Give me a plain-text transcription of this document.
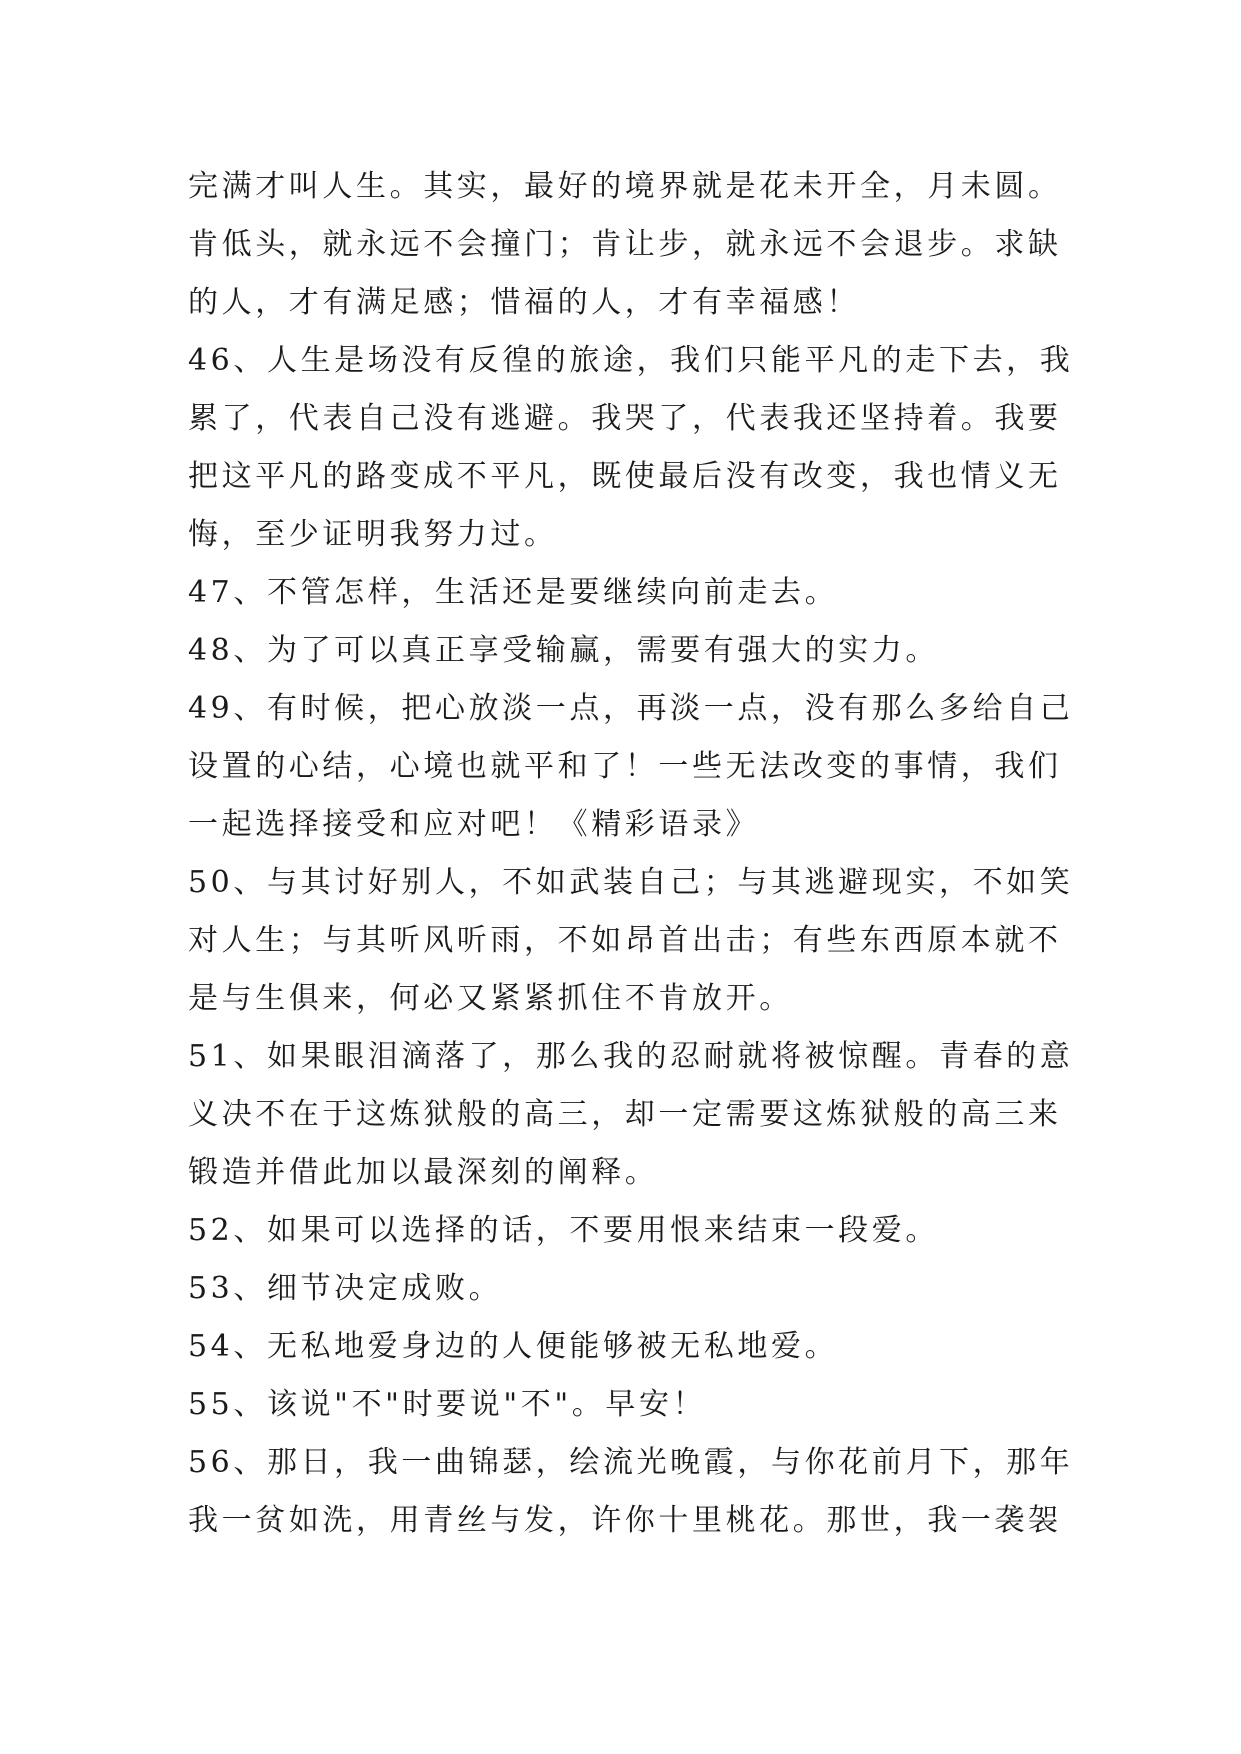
完满才叫人生。其实，最好的境界就是花未开全，月未圆。
肯低头，就永远不会撞门；肯让步，就永远不会退步。求缺
的人，才有满足感；惜福的人，才有幸福感！
46、人生是场没有反徨的旅途，我们只能平凡的走下去，我
累了，代表自己没有逃避。我哭了，代表我还坚持着。我要
把这平凡的路变成不平凡，既使最后没有改变，我也情义无
悔，至少证明我努力过。
47、不管怎样，生活还是要继续向前走去。
48、为了可以真正享受输赢，需要有强大的实力。
49、有时候，把心放淡一点，再淡一点，没有那么多给自己
设置的心结，心境也就平和了！一些无法改变的事情，我们
一起选择接受和应对吧！《精彩语录》
50、与其讨好别人，不如武装自己；与其逃避现实，不如笑
对人生；与其听风听雨，不如昂首出击；有些东西原本就不
是与生俱来，何必又紧紧抓住不肯放开。
51、如果眼泪滴落了，那么我的忍耐就将被惊醒。青春的意
义决不在于这炼狱般的高三，却一定需要这炼狱般的高三来
锻造并借此加以最深刻的阐释。
52、如果可以选择的话，不要用恨来结束一段爱。
53、细节决定成败。
54、无私地爱身边的人便能够被无私地爱。
55、该说"不"时要说"不"。早安！
56、那日，我一曲锦瑟，绘流光晚霞，与你花前月下，那年
我一贫如洗，用青丝与发，许你十里桃花。那世，我一袭袈
